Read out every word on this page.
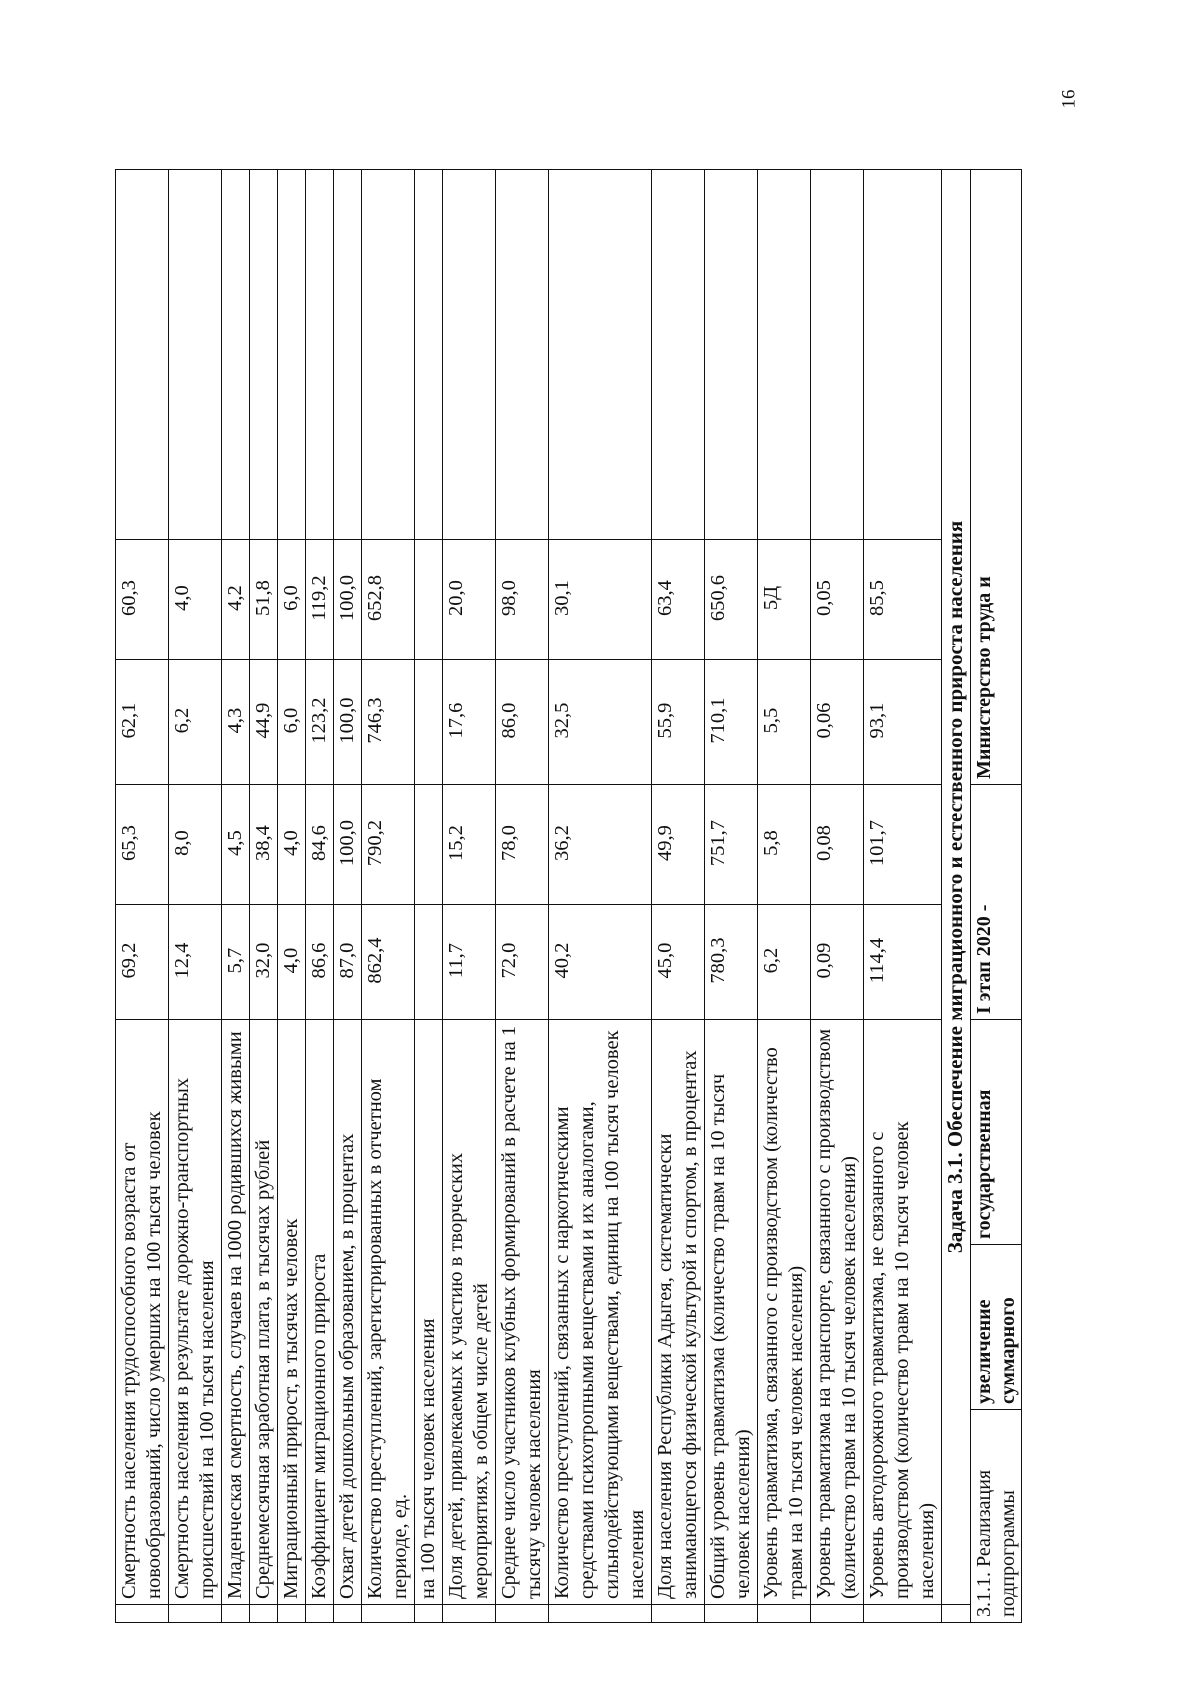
16
	Смертность населения трудоспособного возраста от новообразований, число умерших на 100 тысяч человек			69,2	65,3	62,1	60,3	
	Смертность населения в результате дорожно-транспортных происшествий на 100 тысяч населения			12,4	8,0	6,2	4,0	
	Младенческая смертность, случаев на 1000 родившихся живыми			5,7	4,5	4,3	4,2	
	Среднемесячная заработная плата, в тысячах рублей			32,0	38,4	44,9	51,8	
	Миграционный прирост, в тысячах человек			4,0	4,0	6,0	6,0	
	Коэффициент миграционного прироста			86,6	84,6	123,2	119,2	
	Охват детей дошкольным образованием, в процентах			87,0	100,0	100,0	100,0	
	Количество преступлений, зарегистрированных в отчетном периоде, ед.			862,4	790,2	746,3	652,8	
	на 100 тысяч человек населения							
	Доля детей, привлекаемых к участию в творческих мероприятиях, в общем числе детей			11,7	15,2	17,6	20,0	
	Среднее число участников клубных формирований в расчете на 1 тысячу человек населения			72,0	78,0	86,0	98,0	
	Количество преступлений, связанных с наркотическими средствами психотропными веществами и их аналогами, сильнодействующими веществами, единиц на 100 тысяч человек населения			40,2	36,2	32,5	30,1	
	Доля населения Республики Адыгея, систематически занимающегося физической культурой и спортом, в процентах			45,0	49,9	55,9	63,4	
	Общий уровень травматизма (количество травм на 10 тысяч человек населения)			780,3	751,7	710,1	650,6	
	Уровень травматизма, связанного с производством (количество травм на 10 тысяч человек населения)			6,2	5,8	5,5	5Д	
	Уровень травматизма на транспорте, связанного с производством (количество травм на 10 тысяч человек населения)			0,09	0,08	0,06	0,05	
	Уровень автодорожного травматизма, не связанного с производством (количество травм на 10 тысяч человек населения)			114,4	101,7	93,1	85,5	
	Задача 3.1. Обеспечение миграционного и естественного прироста населения							
3.1.1. Реализация подпрограммы		увеличение суммарного	государственная	I этап 2020 -		Министерство труда и		
